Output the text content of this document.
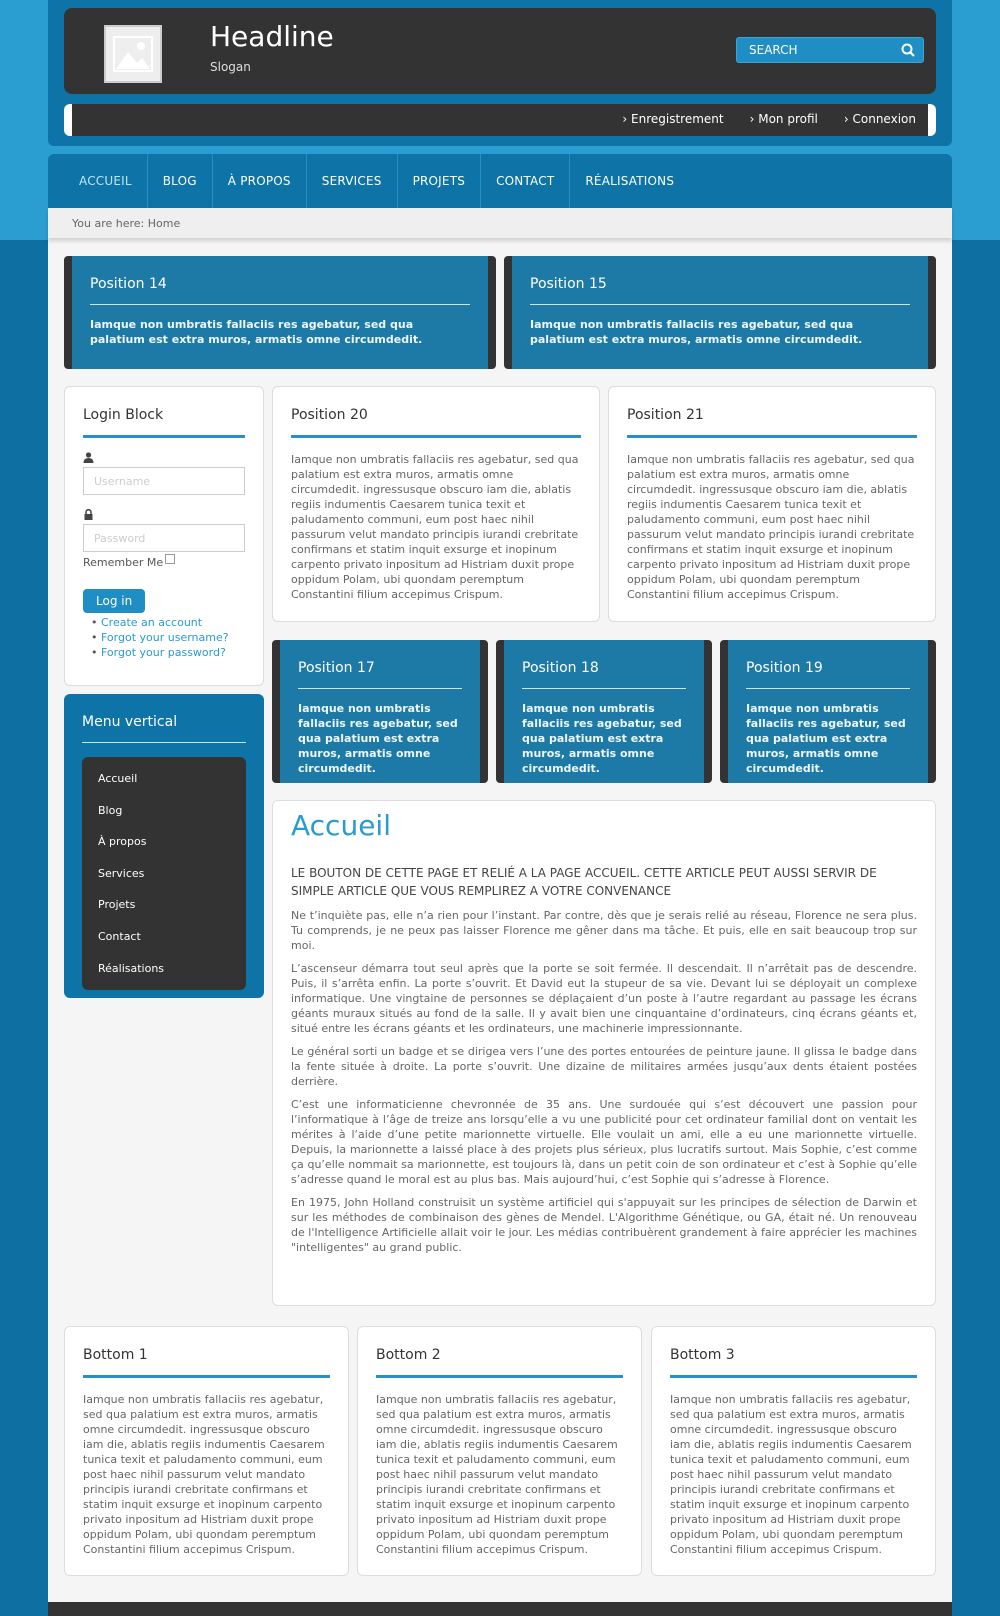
Headline
Slogan
SEARCH
› Enregistrement	› Mon profil	› Connexion
ACCUEIL	BLOG	À PROPOS	SERVICES	PROJETS	CONTACT	RÉALISATIONS
You are here: Home
Position 14

Iamque non umbratis fallaciis res agebatur, sed qua palatium est extra muros, armatis omne circumdedit.

Position 15

Iamque non umbratis fallaciis res agebatur, sed qua palatium est extra muros, armatis omne circumdedit.

Login Block
Username
Remember Me
Log in
• Create an account
• Forgot your username?
• Forgot your password?
Menu vertical
Accueil
Blog
À propos
Services
Projets
Contact
Réalisations
Position 20

Iamque non umbratis fallaciis res agebatur, sed qua palatium est extra muros, armatis omne circumdedit. ingressusque obscuro iam die, ablatis regiis indumentis Caesarem tunica texit et paludamento communi, eum post haec nihil passurum velut mandato principis iurandi crebritate confirmans et statim inquit exsurge et inopinum carpento privato inpositum ad Histriam duxit prope oppidum Polam, ubi quondam peremptum Constantini filium accepimus Crispum.

Position 21

Iamque non umbratis fallaciis res agebatur, sed qua palatium est extra muros, armatis omne circumdedit. ingressusque obscuro iam die, ablatis regiis indumentis Caesarem tunica texit et paludamento communi, eum post haec nihil passurum velut mandato principis iurandi crebritate confirmans et statim inquit exsurge et inopinum carpento privato inpositum ad Histriam duxit prope oppidum Polam, ubi quondam peremptum Constantini filium accepimus Crispum.

Position 17

Iamque non umbratis fallaciis res agebatur, sed qua palatium est extra muros, armatis omne circumdedit.

Position 18

Iamque non umbratis fallaciis res agebatur, sed qua palatium est extra muros, armatis omne circumdedit.

Position 19

Iamque non umbratis fallaciis res agebatur, sed qua palatium est extra muros, armatis omne circumdedit.

Accueil
LE BOUTON DE CETTE PAGE ET RELIÉ A LA PAGE ACCUEIL. CETTE ARTICLE PEUT AUSSI SERVIR DE SIMPLE ARTICLE QUE VOUS REMPLIREZ A VOTRE CONVENANCE

Ne t’inquiète pas, elle n’a rien pour l’instant. Par contre, dès que je serais relié au réseau, Florence ne sera plus. Tu comprends, je ne peux pas laisser Florence me gêner dans ma tâche. Et puis, elle en sait beaucoup trop sur moi.

L’ascenseur démarra tout seul après que la porte se soit fermée. Il descendait. Il n’arrêtait pas de descendre. Puis, il s’arrêta enfin. La porte s’ouvrit. Et David eut la stupeur de sa vie. Devant lui se déployait un complexe informatique. Une vingtaine de personnes se déplaçaient d’un poste à l’autre regardant au passage les écrans géants muraux situés au fond de la salle. Il y avait bien une cinquantaine d’ordinateurs, cinq écrans géants et, situé entre les écrans géants et les ordinateurs, une machinerie impressionnante.

Le général sorti un badge et se dirigea vers l’une des portes entourées de peinture jaune. Il glissa le badge dans la fente située à droite. La porte s’ouvrit. Une dizaine de militaires armées jusqu’aux dents étaient postées derrière.

C’est une informaticienne chevronnée de 35 ans. Une surdouée qui s’est découvert une passion pour l’informatique à l’âge de treize ans lorsqu’elle a vu une publicité pour cet ordinateur familial dont on ventait les mérites à l’aide d’une petite marionnette virtuelle. Elle voulait un ami, elle a eu une marionnette virtuelle. Depuis, la marionnette a laissé place à des projets plus sérieux, plus lucratifs surtout. Mais Sophie, c’est comme ça qu’elle nommait sa marionnette, est toujours là, dans un petit coin de son ordinateur et c’est à Sophie qu’elle s’adresse quand le moral est au plus bas. Mais aujourd’hui, c’est Sophie qui s’adresse à Florence.

En 1975, John Holland construisit un système artificiel qui s'appuyait sur les principes de sélection de Darwin et sur les méthodes de combinaison des gènes de Mendel. L'Algorithme Génétique, ou GA, était né. Un renouveau de l'Intelligence Artificielle allait voir le jour. Les médias contribuèrent grandement à faire apprécier les machines "intelligentes" au grand public.

Bottom 1

Iamque non umbratis fallaciis res agebatur, sed qua palatium est extra muros, armatis omne circumdedit. ingressusque obscuro iam die, ablatis regiis indumentis Caesarem tunica texit et paludamento communi, eum post haec nihil passurum velut mandato principis iurandi crebritate confirmans et statim inquit exsurge et inopinum carpento privato inpositum ad Histriam duxit prope oppidum Polam, ubi quondam peremptum Constantini filium accepimus Crispum.

Bottom 2

Iamque non umbratis fallaciis res agebatur, sed qua palatium est extra muros, armatis omne circumdedit. ingressusque obscuro iam die, ablatis regiis indumentis Caesarem tunica texit et paludamento communi, eum post haec nihil passurum velut mandato principis iurandi crebritate confirmans et statim inquit exsurge et inopinum carpento privato inpositum ad Histriam duxit prope oppidum Polam, ubi quondam peremptum Constantini filium accepimus Crispum.

Bottom 3

Iamque non umbratis fallaciis res agebatur, sed qua palatium est extra muros, armatis omne circumdedit. ingressusque obscuro iam die, ablatis regiis indumentis Caesarem tunica texit et paludamento communi, eum post haec nihil passurum velut mandato principis iurandi crebritate confirmans et statim inquit exsurge et inopinum carpento privato inpositum ad Histriam duxit prope oppidum Polam, ubi quondam peremptum Constantini filium accepimus Crispum.
